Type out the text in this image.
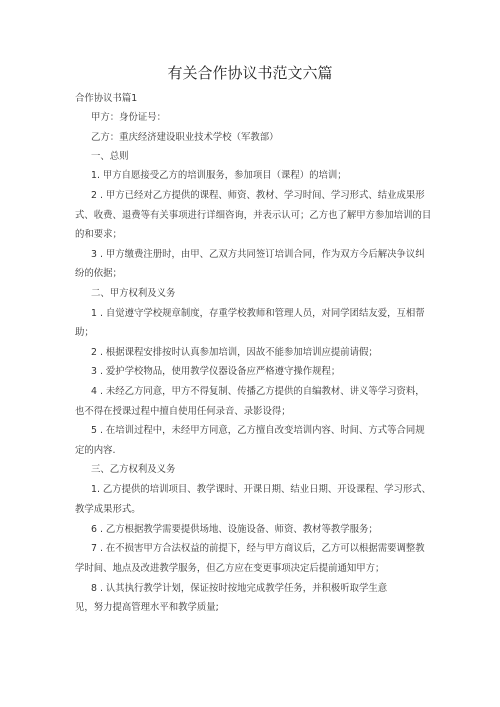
有关合作协议书范文六篇
合作协议书篇1
甲方：身份证号：
乙方：重庆经济建设职业技术学校（军教部）
一、总则
1. 甲方自愿接受乙方的培训服务，参加项目（课程）的培训；
2 . 甲方已经对乙方提供的课程、师资、教材、学习时间、学习形式、结业成果形
式、收费、退费等有关事项进行详细咨询，并表示认可；乙方也了解甲方参加培训的目
的和要求；
3 . 甲方缴费注册时，由甲、乙双方共同签订培训合同，作为双方今后解决争议纠
纷的依据；
二、甲方权利及义务
1 . 自觉遵守学校规章制度，存重学校教师和管理人员，对同学团结友爱，互相帮
助；
2 . 根据课程安排按时认真参加培训，因故不能参加培训应提前请假；
3 . 爱护学校物品，使用教学仪器设备应严格遵守操作规程；
4 . 未经乙方同意，甲方不得复制、传播乙方提供的自编教材、讲义等学习资料，
也不得在授课过程中擅自使用任何录音、录影设得；
5 . 在培训过程中，未经甲方同意，乙方擅自改变培训内容、时间、方式等合同规
定的内容.
三、乙方权利及义务
1. 乙方提供的培训项目、教学课时、开课日期、结业日期、开设课程、学习形式、
教学成果形式。
6 . 乙方根据教学需要提供场地、设施设备、师资、教材等教学服务；
7 . 在不损害甲方合法权益的前提下，经与甲方商议后，乙方可以根据需要调整教
学时间、地点及改进教学服务，但乙方应在变更事项决定后提前通知甲方；
8 . 认其执行教学计划，保证按时按地完成教学任务，并积极听取学生意
见，努力提高管理水平和教学质量;
